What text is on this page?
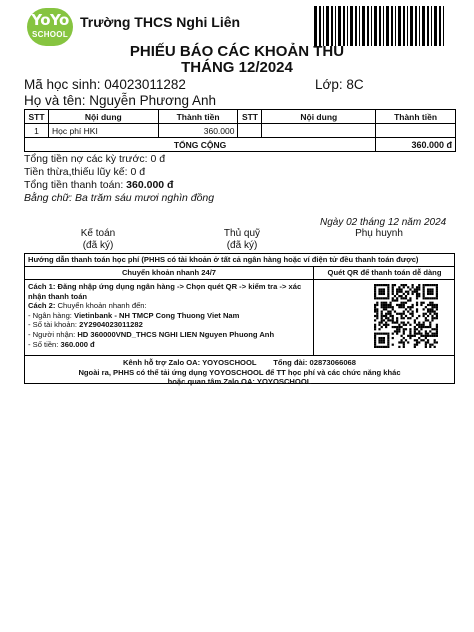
YoYo
SCHOOL
Trường THCS Nghi Liên
PHIẾU BÁO CÁC KHOẢN THU
THÁNG 12/2024
Mã học sinh: 04023011282	Lớp: 8C
Họ và tên: Nguyễn Phương Anh
STT	Nội dung	Thành tiền	STT	Nội dung	Thành tiền
1	Học phí HKI	360.000			
TỔNG CỘNG					360.000 đ
Tổng tiền nợ các kỳ trước: 0 đ
Tiền thừa,thiếu lũy kế: 0 đ
Tổng tiền thanh toán: 360.000 đ
Bằng chữ: Ba trăm sáu mươi nghìn đồng
Ngày 02 tháng 12 năm 2024
Kế toán
(đã ký)
Thủ quỹ
(đã ký)
Phụ huynh
Hướng dẫn thanh toán học phí (PHHS có tài khoản ở tất cả ngân hàng hoặc ví điện tử đều thanh toán được)
Chuyển khoản nhanh 24/7	Quét QR để thanh toán dễ dàng
Cách 1: Đăng nhập ứng dụng ngân hàng -> Chọn quét QR -> kiểm tra -> xác nhận thanh toán
Cách 2: Chuyển khoản nhanh đến:
- Ngân hàng: Vietinbank - NH TMCP Cong Thuong Viet Nam
- Số tài khoản: 2Y2904023011282
- Người nhận: HD 360000VND_THCS NGHI LIEN Nguyen Phuong Anh
- Số tiền: 360.000 đ
Kênh hỗ trợ Zalo OA: YOYOSCHOOL        Tổng đài: 02873066068
Ngoài ra, PHHS có thể tải ứng dụng YOYOSCHOOL để TT học phí và các chức năng khác
hoặc quan tâm Zalo OA: YOYOSCHOOL
